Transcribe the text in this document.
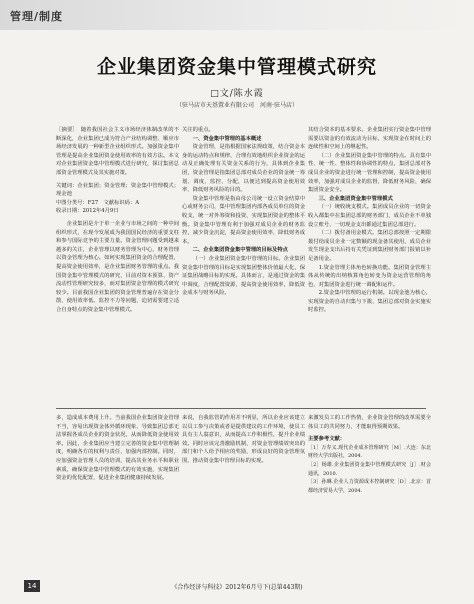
管理/制度
企业集团资金集中管理模式研究
□文/陈水霞
（驻马店市天基置业有限公司　河南·驻马店）

［摘要］　随着我国社会主义市场经济体制改革的不断深化，企业集团已成为符合产业结构调整、顺应市场经济发展的一种新型企业组织形式。加强资金集中管理是提高企业集团资金使用效率的有效方法。本文对企业集团资金集中管理模式进行研究，探讨集团总部资金管理模式及其实施对策。

关键词：企业集团；资金管理；资金集中管理模式；现金池

中图分类号：F27　文献标识码：A

收录日期：2012年4月9日

企业集团是介于单一企业与市场之间的一种中间组织形式，在现今发展成为我国国民经济的重要支柱和参与国际竞争的主要力量。资金管理问题受到越来越多的关注，企业管理以财务管理为中心，财务管理以资金管理为核心。如何实现集团资金的合理配置，提高资金使用效率，是企业集团财务管理的重点。我国资金集中管理模式的研究，目前对资本预算、资产流动性管理研究较多，而对集团资金管理的模式研究较少。目前我国企业集团的资金管理普遍存在资金分散、使用效率低、监控不力等问题，迫切需要建立适合自身特点的资金集中管理模式。

关注的重点。

一、资金集中管理的基本概述

资金管理，是指根据国家法规政策，结合资金本身的运动特点和规律，合理有效地组织企业资金的运动及正确处理有关资金关系的行为，具体到企业集团，资金管理是指集团总部对成员企业的资金统一筹划、调度、监控、分配，以便达到提高资金使用效率、降低财务风险的目的。

资金集中管理是指由母公司统一设立资金结算中心或财务公司，集中管理集团内部各成员单位的资金收支，统一对外筹资和投资，实现集团资金的整体平衡。资金集中管理有利于加强对成员企业的财务监控，减少资金沉淀，提高资金使用效率，降低财务成本。

二、企业集团资金集中管理的目标及特点

（一）企业集团资金集中管理的目标。企业集团资金集中管理的目标是实现集团整体价值最大化，保证集团战略目标的实现。具体而言，是通过资金的集中调度，合理配置资源，提高资金使用效率，降低资金成本与财务风险。

其结合资本的基本要求。企业集团实行资金集中管理需要以资金的有效流动为目标，实现资金在时间上的连续性和空间上的继起性。

（二）企业集团资金集中管理的特点。具有集中性、统一性、整体性和协调性的特点，集团总部对各成员企业的资金进行统一管理和控制，提高资金使用效率，加强对成员企业的监督，降低财务风险，确保集团资金安全。

三、企业集团资金集中管理模式

（一）统收统支模式。集团成员企业的一切资金收入都集中在集团总部的财务部门，成员企业不单独设立账号，一切现金支出都通过集团总部进行。

（二）拨付备用金模式。集团总部按照一定期限拨付给成员企业一定数额的现金备其使用，成员企业发生现金支出后持有关凭证到集团财务部门报销以补足备用金。

1.资金管理主体角色转换功能。集团资金管理主体从传统的出纳核算角色转变为资金运营管理的角色，对集团资金进行统一调配和运作。

2.资金集中管理的运行机制。以现金池为核心，实现资金的自动归集与下拨，集团总部对资金实施实时监控。

多，造成成本费用上升。当前我国企业集团资金管理不当，容易出现资金体外循环现象，导致集团总部无法掌握各成员企业的资金状况，从而降低资金使用效率。因此，企业集团应当建立完善的资金集中管理制度，明确各方的权利与责任，加强内部控制。同时，应加强资金管理人员的培训，提高其业务水平和职业素质，确保资金集中管理模式的有效实施，实现集团资金的优化配置，促进企业集团健康持续发展。

来说，自我监管的作用并不明显，所以企业应该建立以员工参与决策或者是提供建议的工作环境，使员工具有主人翁意识，从而提高工作积极性，提升企业绩效。同时应该完善激励机制，对资金管理绩效突出的部门和个人给予相应的奖励，形成良好的资金管理氛围，推动资金集中管理目标的实现。

来激发员工的工作热情，企业资金管理的改革需要全体员工的共同努力，才能取得预期效果。

主要参考文献：

［1］万寿义.现代企业成本管理研究［M］.大连：东北财经大学出版社，2004.

［2］杨雄.企业集团资金集中管理模式研究［J］.财会通讯，2010.

［3］孙琳.企业人力资源成本控制研究［D］.北京：首都经济贸易大学，2004.

14	《合作经济与科技》2012年6月号下(总第443期)
